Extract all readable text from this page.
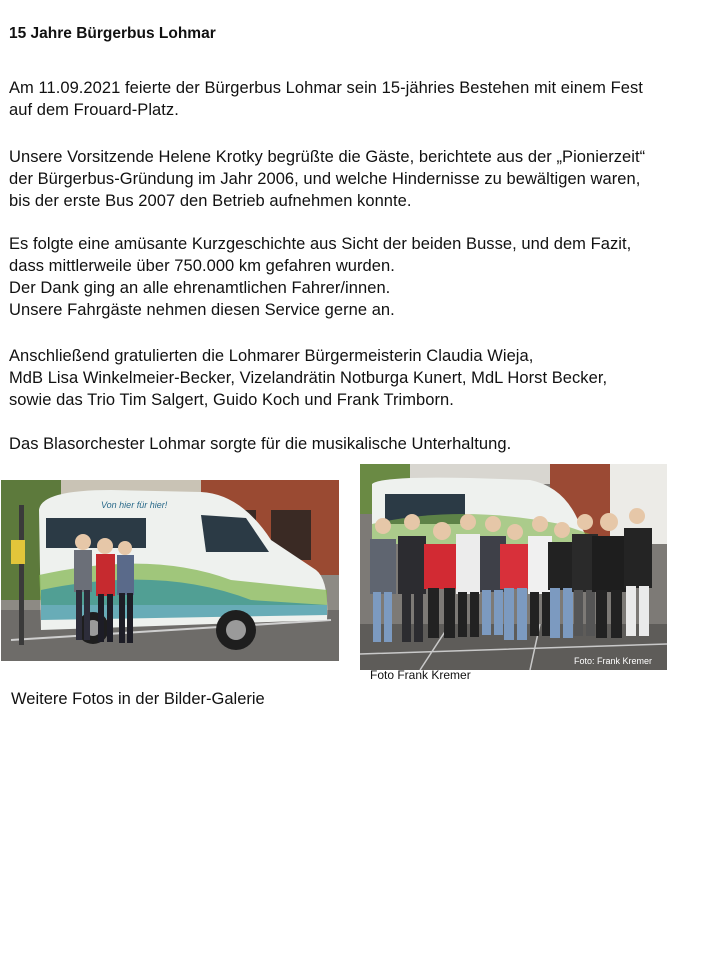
15 Jahre Bürgerbus Lohmar
Am 11.09.2021 feierte der Bürgerbus Lohmar sein 15-jähries Bestehen mit einem Fest
auf dem Frouard-Platz.
Unsere Vorsitzende Helene Krotky begrüßte die Gäste, berichtete aus der „Pionierzeit“
der Bürgerbus-Gründung im Jahr 2006, und welche Hindernisse zu bewältigen waren,
bis der erste Bus 2007 den Betrieb aufnehmen konnte.
Es folgte eine amüsante Kurzgeschichte aus Sicht der beiden Busse, und dem Fazit,
dass mittlerweile über 750.000 km gefahren wurden.
Der Dank ging an alle ehrenamtlichen Fahrer/innen.
Unsere Fahrgäste nehmen diesen Service gerne an.
Anschließend gratulierten die Lohmarer Bürgermeisterin Claudia Wieja,
MdB Lisa Winkelmeier-Becker, Vizelandrätin Notburga Kunert, MdL Horst Becker,
sowie das Trio Tim Salgert, Guido Koch und Frank Trimborn.
Das Blasorchester Lohmar sorgte für die musikalische Unterhaltung.
Von hier für hier!
Foto: Frank Kremer
Foto Frank Kremer
Weitere Fotos in der Bilder-Galerie
